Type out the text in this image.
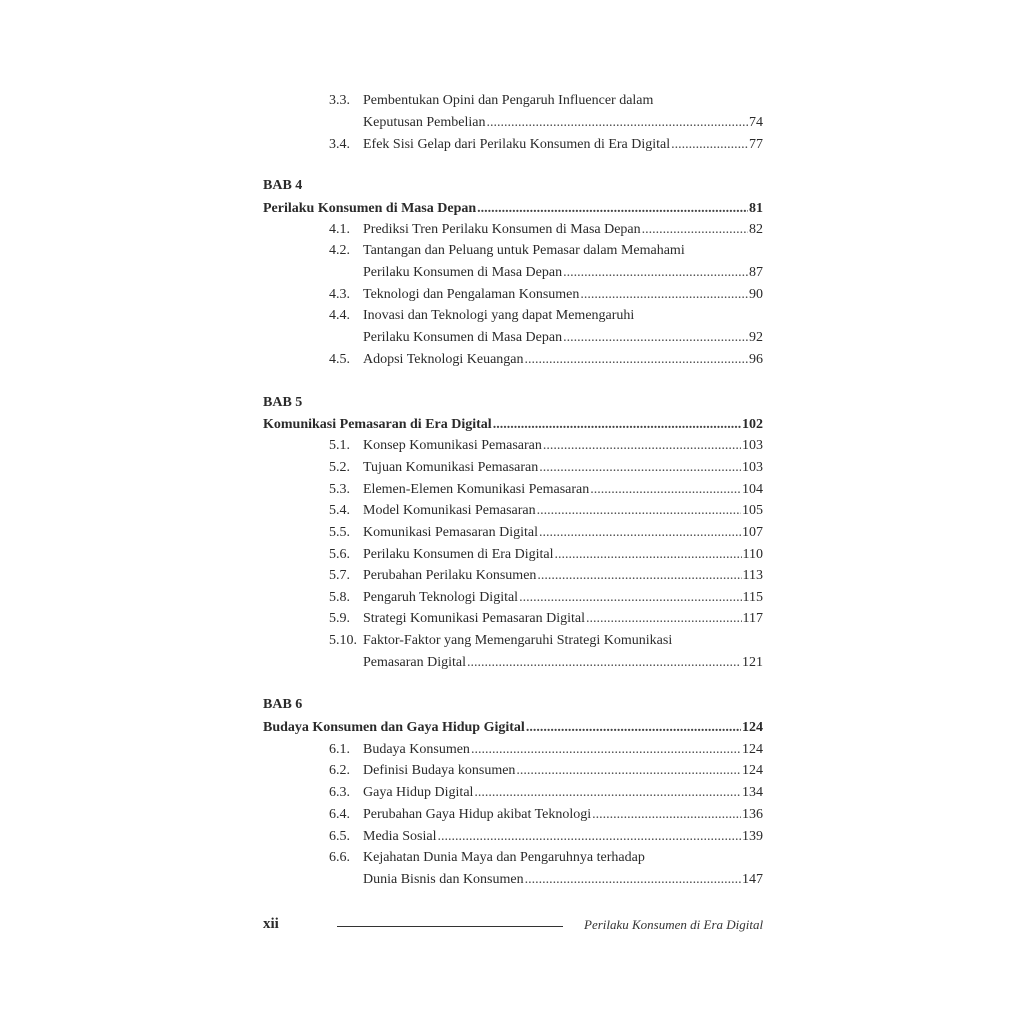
3.3. Pembentukan Opini dan Pengaruh Influencer dalam
Keputusan Pembelian .....	74
3.4. Efek Sisi Gelap dari Perilaku Konsumen di Era Digital .....	77
BAB 4
Perilaku Konsumen di Masa Depan .....	81
4.1. Prediksi Tren Perilaku Konsumen di Masa Depan .....	82
4.2. Tantangan dan Peluang untuk Pemasar dalam Memahami
Perilaku Konsumen di Masa Depan .....	87
4.3. Teknologi dan Pengalaman Konsumen .....	90
4.4. Inovasi dan Teknologi yang dapat Memengaruhi
Perilaku Konsumen di Masa Depan .....	92
4.5. Adopsi Teknologi Keuangan .....	96
BAB 5
Komunikasi Pemasaran di Era Digital .....	102
5.1. Konsep Komunikasi Pemasaran .....	103
5.2. Tujuan Komunikasi Pemasaran .....	103
5.3. Elemen-Elemen Komunikasi Pemasaran .....	104
5.4. Model Komunikasi Pemasaran .....	105
5.5. Komunikasi Pemasaran Digital .....	107
5.6. Perilaku Konsumen di Era Digital .....	110
5.7. Perubahan Perilaku Konsumen .....	113
5.8. Pengaruh Teknologi Digital .....	115
5.9. Strategi Komunikasi Pemasaran Digital .....	117
5.10. Faktor-Faktor yang Memengaruhi Strategi Komunikasi
Pemasaran Digital .....	121
BAB 6
Budaya Konsumen dan Gaya Hidup Gigital .....	124
6.1. Budaya Konsumen .....	124
6.2. Definisi Budaya konsumen .....	124
6.3. Gaya Hidup Digital .....	134
6.4. Perubahan Gaya Hidup akibat Teknologi .....	136
6.5. Media Sosial .....	139
6.6. Kejahatan Dunia Maya dan Pengaruhnya terhadap
Dunia Bisnis dan Konsumen .....	147
xii	Perilaku Konsumen di Era Digital
